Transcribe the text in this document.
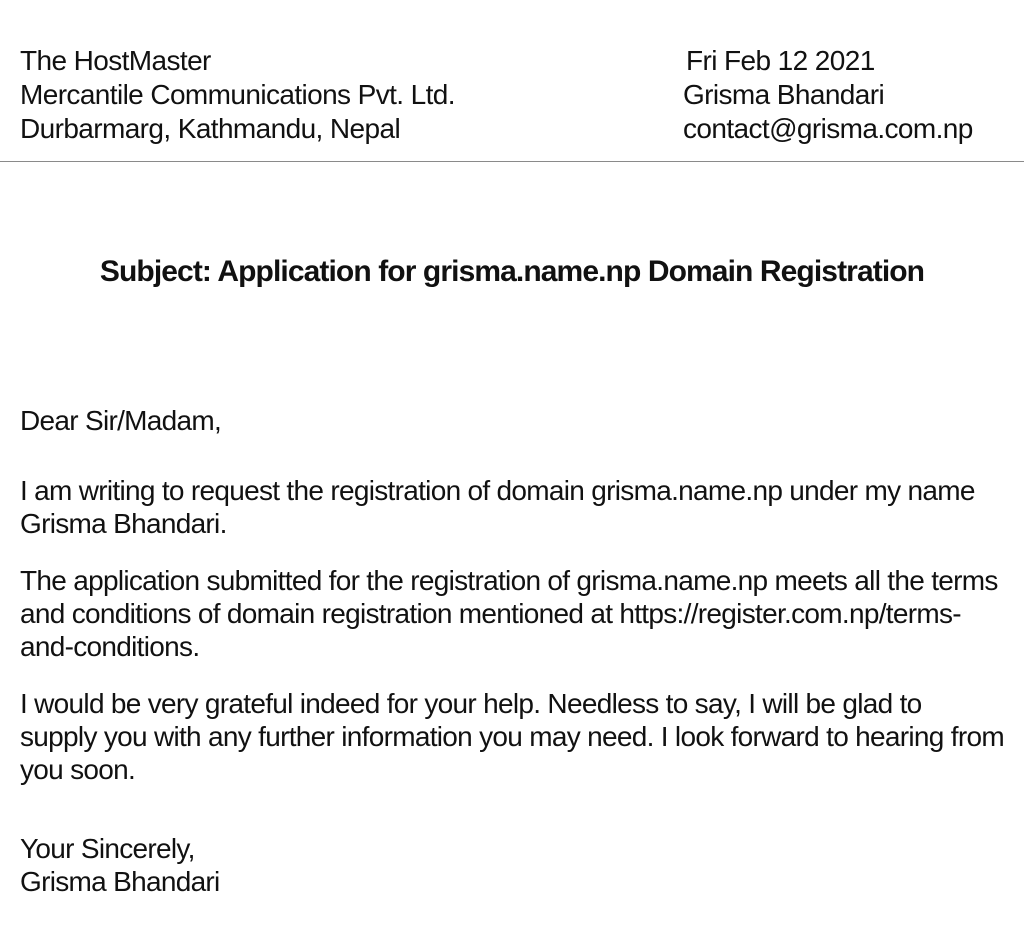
The HostMaster
Mercantile Communications Pvt. Ltd.
Durbarmarg, Kathmandu, Nepal
Fri Feb 12 2021
Grisma Bhandari
contact@grisma.com.np
Subject: Application for grisma.name.np Domain Registration
Dear Sir/Madam,
I am writing to request the registration of domain grisma.name.np under my name Grisma Bhandari.
The application submitted for the registration of grisma.name.np meets all the terms and conditions of domain registration mentioned at https://register.com.np/terms-and-conditions.
I would be very grateful indeed for your help. Needless to say, I will be glad to supply you with any further information you may need. I look forward to hearing from you soon.
Your Sincerely,
Grisma Bhandari
